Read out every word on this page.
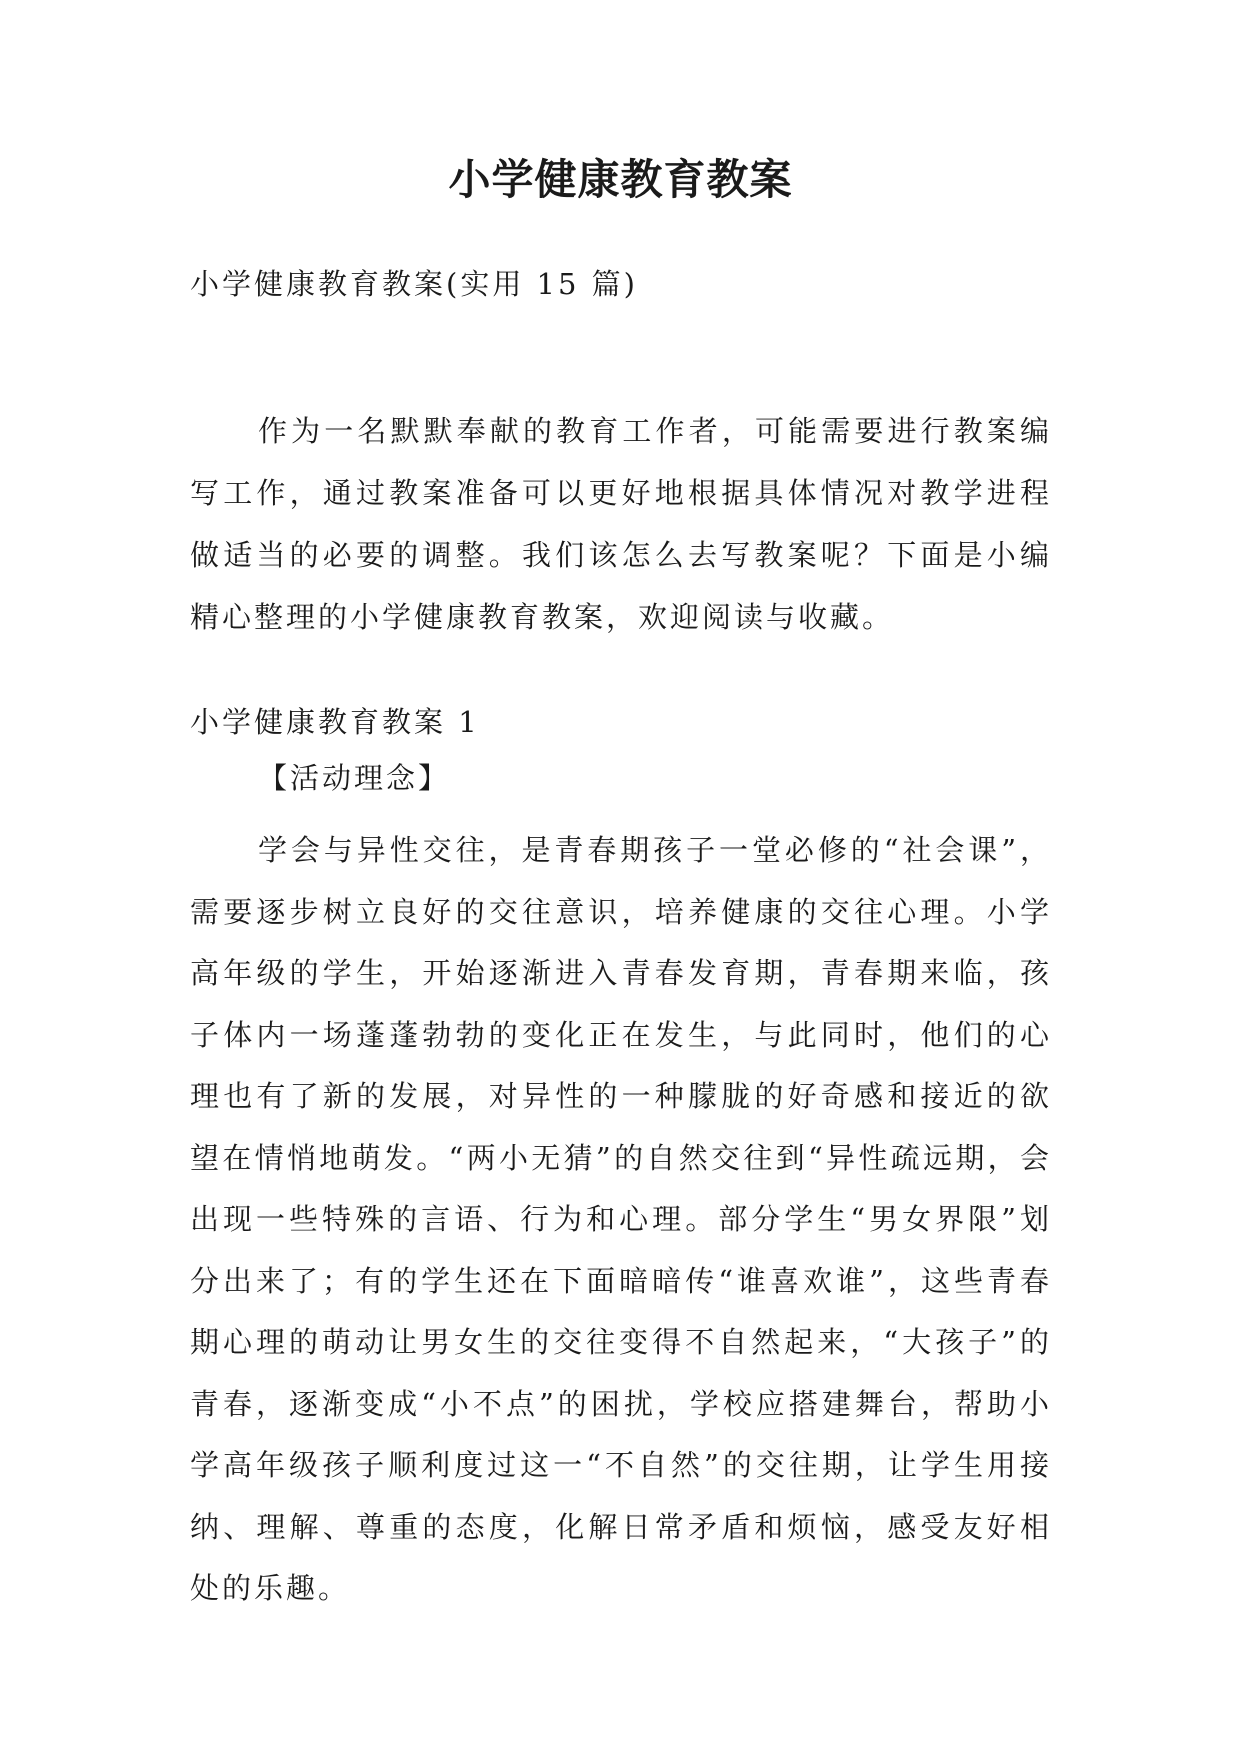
小学健康教育教案
小学健康教育教案(实用 15 篇)

作为一名默默奉献的教育工作者，可能需要进行教案编写工作，通过教案准备可以更好地根据具体情况对教学进程做适当的必要的调整。我们该怎么去写教案呢？下面是小编精心整理的小学健康教育教案，欢迎阅读与收藏。

小学健康教育教案 1
【活动理念】

学会与异性交往，是青春期孩子一堂必修的“社会课”，需要逐步树立良好的交往意识，培养健康的交往心理。小学高年级的学生，开始逐渐进入青春发育期，青春期来临，孩子体内一场蓬蓬勃勃的变化正在发生，与此同时，他们的心理也有了新的发展，对异性的一种朦胧的好奇感和接近的欲望在情悄地萌发。“两小无猜”的自然交往到“异性疏远期，会出现一些特殊的言语、行为和心理。部分学生“男女界限”划分出来了；有的学生还在下面暗暗传“谁喜欢谁”，这些青春期心理的萌动让男女生的交往变得不自然起来，“大孩子”的青春，逐渐变成“小不点”的困扰，学校应搭建舞台，帮助小学高年级孩子顺利度过这一“不自然”的交往期，让学生用接纳、理解、尊重的态度，化解日常矛盾和烦恼，感受友好相处的乐趣。
